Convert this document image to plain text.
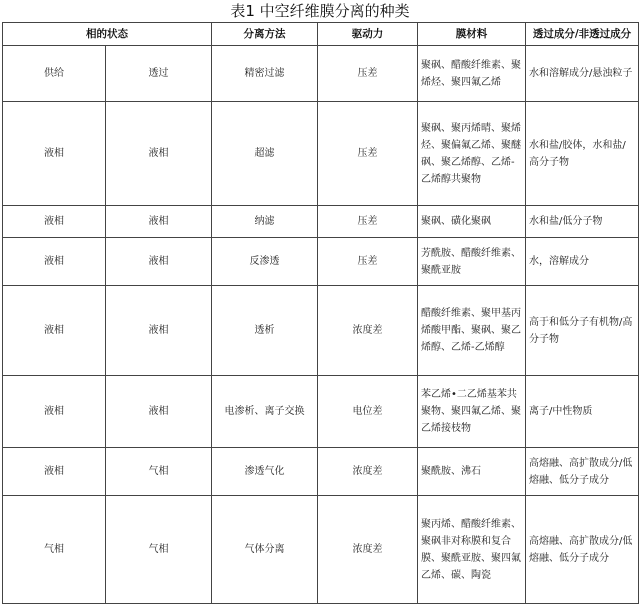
表1 中空纤维膜分离的种类
相的状态		分离方法	驱动力	膜材料	透过成分/非透过成分
供给	透过	精密过滤	压差	聚砜、醋酸纤维素、聚烯烃、聚四氟乙烯	水和溶解成分/悬浊粒子
液相	液相	超滤	压差	聚砜、聚丙烯晴、聚烯烃、聚偏氟乙烯、聚醚砜、聚乙烯醇、乙烯-乙烯醇共聚物	水和盐/胶体，水和盐/高分子物
液相	液相	纳滤	压差	聚砜、磺化聚砜	水和盐/低分子物
液相	液相	反渗透	压差	芳酰胺、醋酸纤维素、聚酰亚胺	水，溶解成分
液相	液相	透析	浓度差	醋酸纤维素、聚甲基丙烯酸甲酯、聚砜、聚乙烯醇、乙烯-乙烯醇	高于和低分子有机物/高分子物
液相	液相	电渗析、离子交换	电位差	苯乙烯•二乙烯基苯共聚物、聚四氟乙烯、聚乙烯接枝物	离子/中性物质
液相	气相	渗透气化	浓度差	聚酰胺、沸石	高熔融、高扩散成分/低熔融、低分子成分
气相	气相	气体分离	浓度差	聚丙烯、醋酸纤维素、聚砜非对称膜和复合膜、聚酰亚胺、聚四氟乙烯、碳、陶瓷	高熔融、高扩散成分/低熔融、低分子成分
